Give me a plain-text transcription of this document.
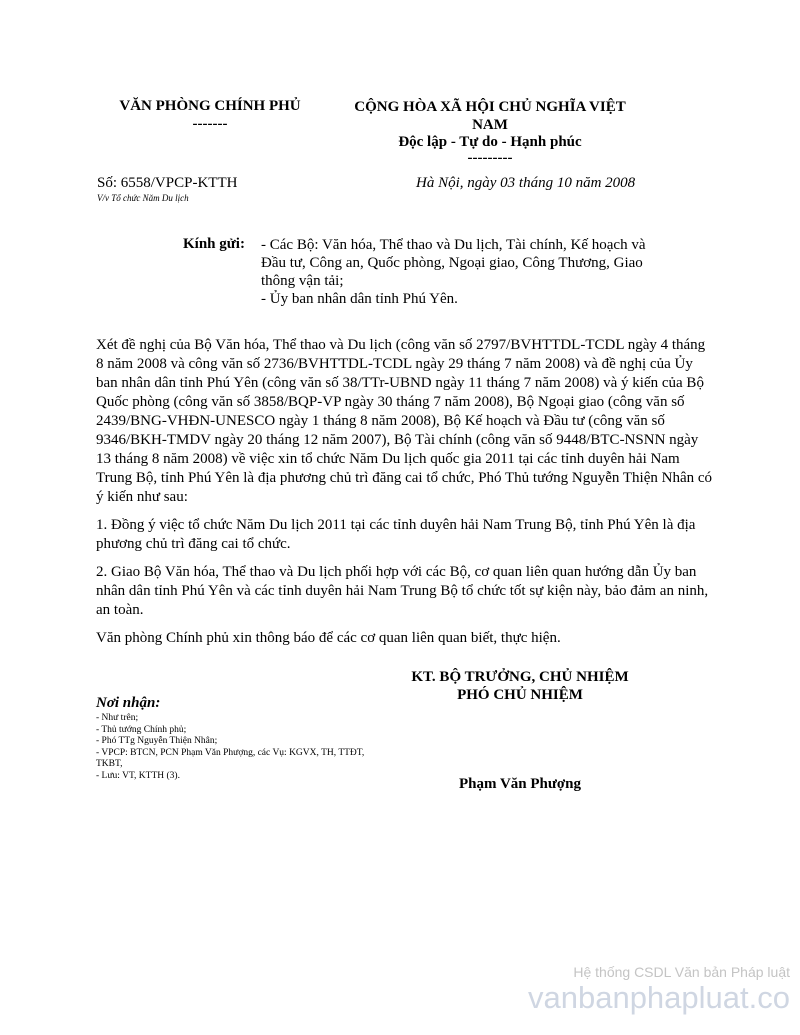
VĂN PHÒNG CHÍNH PHỦ
-------
CỘNG HÒA XÃ HỘI CHỦ NGHĨA VIỆT NAM
Độc lập - Tự do - Hạnh phúc
---------
Số: 6558/VPCP-KTTH
V/v Tổ chức Năm Du lịch
Hà Nội, ngày 03 tháng 10 năm 2008
Kính gửi: - Các Bộ: Văn hóa, Thể thao và Du lịch, Tài chính, Kế hoạch và Đầu tư, Công an, Quốc phòng, Ngoại giao, Công Thương, Giao thông vận tải;
- Ủy ban nhân dân tỉnh Phú Yên.

Xét đề nghị của Bộ Văn hóa, Thể thao và Du lịch (công văn số 2797/BVHTTDL-TCDL ngày 4 tháng 8 năm 2008 và công văn số 2736/BVHTTDL-TCDL ngày 29 tháng 7 năm 2008) và đề nghị của Ủy ban nhân dân tỉnh Phú Yên (công văn số 38/TTr-UBND ngày 11 tháng 7 năm 2008) và ý kiến của Bộ Quốc phòng (công văn số 3858/BQP-VP ngày 30 tháng 7 năm 2008), Bộ Ngoại giao (công văn số 2439/BNG-VHĐN-UNESCO ngày 1 tháng 8 năm 2008), Bộ Kế hoạch và Đầu tư (công văn số 9346/BKH-TMDV ngày 20 tháng 12 năm 2007), Bộ Tài chính (công văn số 9448/BTC-NSNN ngày 13 tháng 8 năm 2008) về việc xin tổ chức Năm Du lịch quốc gia 2011 tại các tỉnh duyên hải Nam Trung Bộ, tỉnh Phú Yên là địa phương chủ trì đăng cai tổ chức, Phó Thủ tướng Nguyễn Thiện Nhân có ý kiến như sau:

1. Đồng ý việc tổ chức Năm Du lịch 2011 tại các tỉnh duyên hải Nam Trung Bộ, tỉnh Phú Yên là địa phương chủ trì đăng cai tổ chức.

2. Giao Bộ Văn hóa, Thể thao và Du lịch phối hợp với các Bộ, cơ quan liên quan hướng dẫn Ủy ban nhân dân tỉnh Phú Yên và các tỉnh duyên hải Nam Trung Bộ tổ chức tốt sự kiện này, bảo đảm an ninh, an toàn.

Văn phòng Chính phủ xin thông báo để các cơ quan liên quan biết, thực hiện.

KT. BỘ TRƯỞNG, CHỦ NHIỆM
PHÓ CHỦ NHIỆM
Phạm Văn Phượng
Nơi nhận:
- Như trên;
- Thủ tướng Chính phủ;
- Phó TTg Nguyễn Thiện Nhân;
- VPCP: BTCN, PCN Phạm Văn Phượng, các Vụ: KGVX, TH, TTĐT, TKBT,
- Lưu: VT, KTTH (3).
Hệ thống CSDL Văn bản Pháp luật
vanbanphapluat.co
